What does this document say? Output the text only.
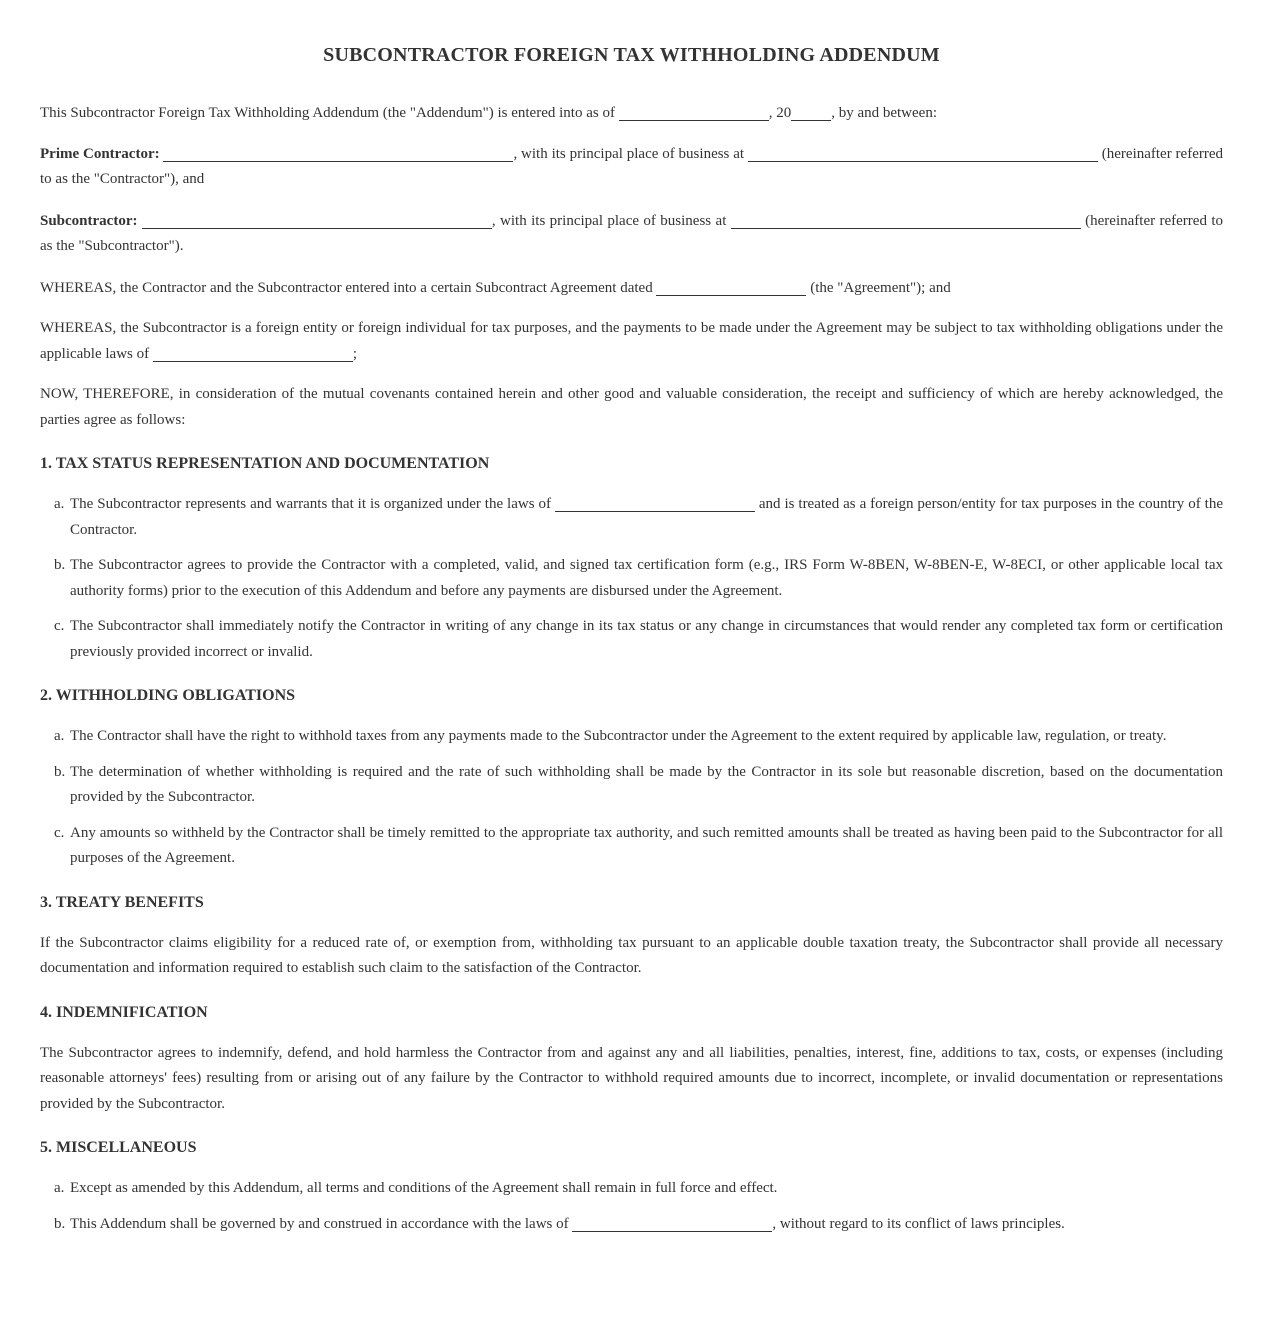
SUBCONTRACTOR FOREIGN TAX WITHHOLDING ADDENDUM

This Subcontractor Foreign Tax Withholding Addendum (the "Addendum") is entered into as of	, 20	, by and between:

Prime Contractor:	, with its principal place of business at	(hereinafter referred to as the "Contractor"), and

Subcontractor:	, with its principal place of business at	(hereinafter referred to as the "Subcontractor").

WHEREAS, the Contractor and the Subcontractor entered into a certain Subcontract Agreement dated	(the "Agreement"); and

WHEREAS, the Subcontractor is a foreign entity or foreign individual for tax purposes, and the payments to be made under the Agreement may be subject to tax withholding obligations under the applicable laws of	;

NOW, THEREFORE, in consideration of the mutual covenants contained herein and other good and valuable consideration, the receipt and sufficiency of which are hereby acknowledged, the parties agree as follows:

1. TAX STATUS REPRESENTATION AND DOCUMENTATION
a. The Subcontractor represents and warrants that it is organized under the laws of	and is treated as a foreign person/entity for tax purposes in the country of the Contractor.
b. The Subcontractor agrees to provide the Contractor with a completed, valid, and signed tax certification form (e.g., IRS Form W-8BEN, W-8BEN-E, W-8ECI, or other applicable local tax authority forms) prior to the execution of this Addendum and before any payments are disbursed under the Agreement.
c. The Subcontractor shall immediately notify the Contractor in writing of any change in its tax status or any change in circumstances that would render any completed tax form or certification previously provided incorrect or invalid.
2. WITHHOLDING OBLIGATIONS
a. The Contractor shall have the right to withhold taxes from any payments made to the Subcontractor under the Agreement to the extent required by applicable law, regulation, or treaty.
b. The determination of whether withholding is required and the rate of such withholding shall be made by the Contractor in its sole but reasonable discretion, based on the documentation provided by the Subcontractor.
c. Any amounts so withheld by the Contractor shall be timely remitted to the appropriate tax authority, and such remitted amounts shall be treated as having been paid to the Subcontractor for all purposes of the Agreement.
3. TREATY BENEFITS

If the Subcontractor claims eligibility for a reduced rate of, or exemption from, withholding tax pursuant to an applicable double taxation treaty, the Subcontractor shall provide all necessary documentation and information required to establish such claim to the satisfaction of the Contractor.

4. INDEMNIFICATION

The Subcontractor agrees to indemnify, defend, and hold harmless the Contractor from and against any and all liabilities, penalties, interest, fine, additions to tax, costs, or expenses (including reasonable attorneys' fees) resulting from or arising out of any failure by the Contractor to withhold required amounts due to incorrect, incomplete, or invalid documentation or representations provided by the Subcontractor.

5. MISCELLANEOUS
a. Except as amended by this Addendum, all terms and conditions of the Agreement shall remain in full force and effect.
b. This Addendum shall be governed by and construed in accordance with the laws of	, without regard to its conflict of laws principles.
